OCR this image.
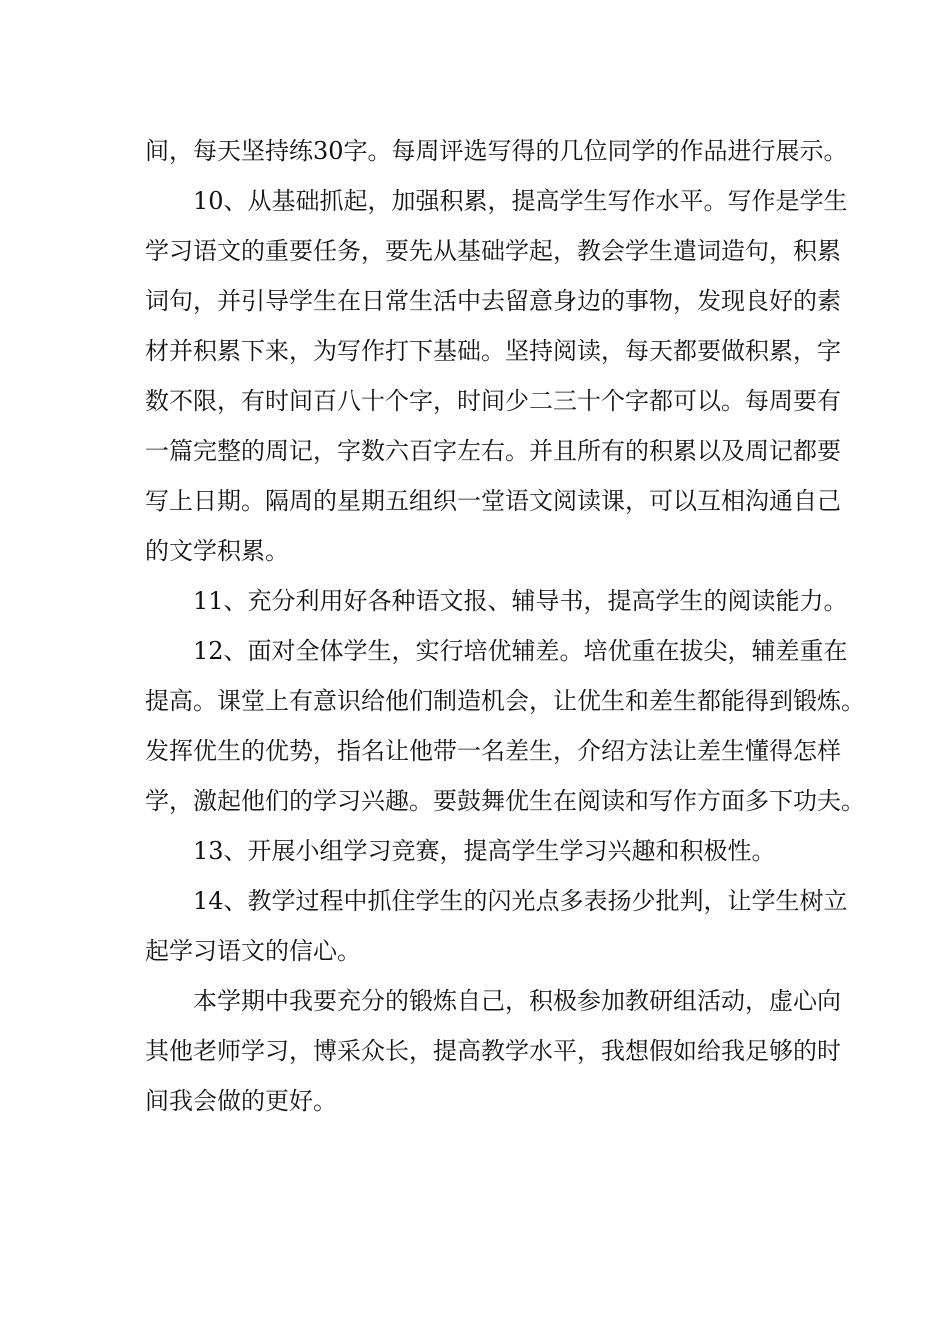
间，每天坚持练30字。每周评选写得的几位同学的作品进行展示。
10、从基础抓起，加强积累，提高学生写作水平。写作是学生
学习语文的重要任务，要先从基础学起，教会学生遣词造句，积累
词句，并引导学生在日常生活中去留意身边的事物，发现良好的素
材并积累下来，为写作打下基础。坚持阅读，每天都要做积累，字
数不限，有时间百八十个字，时间少二三十个字都可以。每周要有
一篇完整的周记，字数六百字左右。并且所有的积累以及周记都要
写上日期。隔周的星期五组织一堂语文阅读课，可以互相沟通自己
的文学积累。
11、充分利用好各种语文报、辅导书，提高学生的阅读能力。
12、面对全体学生，实行培优辅差。培优重在拔尖，辅差重在
提高。课堂上有意识给他们制造机会，让优生和差生都能得到锻炼。
发挥优生的优势，指名让他带一名差生，介绍方法让差生懂得怎样
学，激起他们的学习兴趣。要鼓舞优生在阅读和写作方面多下功夫。
13、开展小组学习竞赛，提高学生学习兴趣和积极性。
14、教学过程中抓住学生的闪光点多表扬少批判，让学生树立
起学习语文的信心。
本学期中我要充分的锻炼自己，积极参加教研组活动，虚心向
其他老师学习，博采众长，提高教学水平，我想假如给我足够的时
间我会做的更好。
